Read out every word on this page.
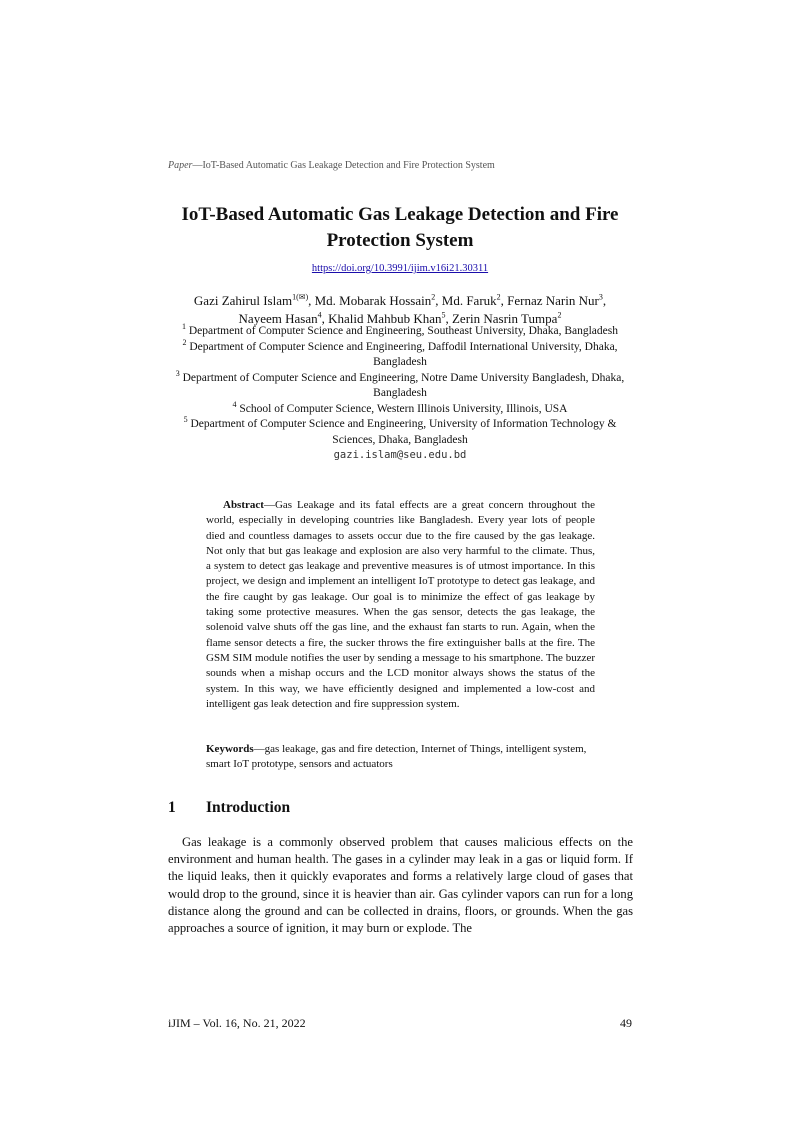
Paper—IoT-Based Automatic Gas Leakage Detection and Fire Protection System
IoT-Based Automatic Gas Leakage Detection and Fire Protection System
https://doi.org/10.3991/ijim.v16i21.30311
Gazi Zahirul Islam$^{1(✉)}$, Md. Mobarak Hossain$^2$, Md. Faruk$^2$, Fernaz Narin Nur$^3$,
Nayeem Hasan$^4$, Khalid Mahbub Khan$^5$, Zerin Nasrin Tumpa$^2$
$^1$ Department of Computer Science and Engineering, Southeast University, Dhaka, Bangladesh
$^2$ Department of Computer Science and Engineering, Daffodil International University, Dhaka, Bangladesh
$^3$ Department of Computer Science and Engineering, Notre Dame University Bangladesh, Dhaka, Bangladesh
$^4$ School of Computer Science, Western Illinois University, Illinois, USA
$^5$ Department of Computer Science and Engineering, University of Information Technology & Sciences, Dhaka, Bangladesh
gazi.islam@seu.edu.bd

Abstract—Gas Leakage and its fatal effects are a great concern throughout the world, especially in developing countries like Bangladesh. Every year lots of people died and countless damages to assets occur due to the fire caused by the gas leakage. Not only that but gas leakage and explosion are also very harmful to the climate. Thus, a system to detect gas leakage and preventive measures is of utmost importance. In this project, we design and implement an intelligent IoT prototype to detect gas leakage, and the fire caught by gas leakage. Our goal is to minimize the effect of gas leakage by taking some protective measures. When the gas sensor, detects the gas leakage, the solenoid valve shuts off the gas line, and the exhaust fan starts to run. Again, when the flame sensor detects a fire, the sucker throws the fire extinguisher balls at the fire. The GSM SIM module notifies the user by sending a message to his smartphone. The buzzer sounds when a mishap occurs and the LCD monitor always shows the status of the system. In this way, we have efficiently designed and implemented a low-cost and intelligent gas leak detection and fire suppression system.

Keywords—gas leakage, gas and fire detection, Internet of Things, intelligent system, smart IoT prototype, sensors and actuators

1 Introduction

Gas leakage is a commonly observed problem that causes malicious effects on the environment and human health. The gases in a cylinder may leak in a gas or liquid form. If the liquid leaks, then it quickly evaporates and forms a relatively large cloud of gases that would drop to the ground, since it is heavier than air. Gas cylinder vapors can run for a long distance along the ground and can be collected in drains, floors, or grounds. When the gas approaches a source of ignition, it may burn or explode. The

iJIM – Vol. 16, No. 21, 2022	49
